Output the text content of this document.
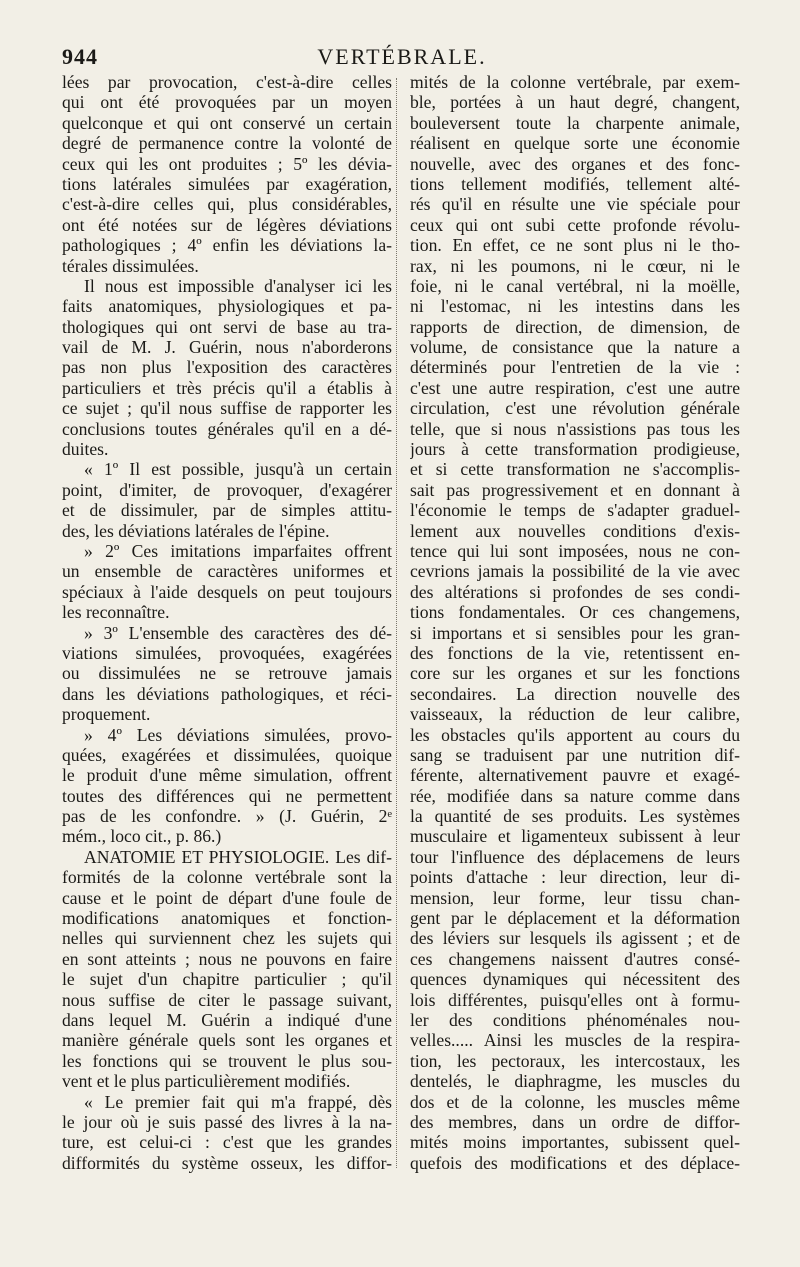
944	VERTÉBRALE.
lées par provocation, c'est-à-dire celles
qui ont été provoquées par un moyen
quelconque et qui ont conservé un certain
degré de permanence contre la volonté de
ceux qui les ont produites ; 5º les dévia-
tions latérales simulées par exagération,
c'est-à-dire celles qui, plus considérables,
ont été notées sur de légères déviations
pathologiques ; 4º enfin les déviations la-
térales dissimulées.
Il nous est impossible d'analyser ici les
faits anatomiques, physiologiques et pa-
thologiques qui ont servi de base au tra-
vail de M. J. Guérin, nous n'aborderons
pas non plus l'exposition des caractères
particuliers et très précis qu'il a établis à
ce sujet ; qu'il nous suffise de rapporter les
conclusions toutes générales qu'il en a dé-
duites.
« 1º Il est possible, jusqu'à un certain
point, d'imiter, de provoquer, d'exagérer
et de dissimuler, par de simples attitu-
des, les déviations latérales de l'épine.
» 2º Ces imitations imparfaites offrent
un ensemble de caractères uniformes et
spéciaux à l'aide desquels on peut toujours
les reconnaître.
» 3º L'ensemble des caractères des dé-
viations simulées, provoquées, exagérées
ou dissimulées ne se retrouve jamais
dans les déviations pathologiques, et réci-
proquement.
» 4º Les déviations simulées, provo-
quées, exagérées et dissimulées, quoique
le produit d'une même simulation, offrent
toutes des différences qui ne permettent
pas de les confondre. » (J. Guérin, 2ᵉ
mém., loco cit., p. 86.)
ANATOMIE ET PHYSIOLOGIE. Les dif-
formités de la colonne vertébrale sont la
cause et le point de départ d'une foule de
modifications anatomiques et fonction-
nelles qui surviennent chez les sujets qui
en sont atteints ; nous ne pouvons en faire
le sujet d'un chapitre particulier ; qu'il
nous suffise de citer le passage suivant,
dans lequel M. Guérin a indiqué d'une
manière générale quels sont les organes et
les fonctions qui se trouvent le plus sou-
vent et le plus particulièrement modifiés.
« Le premier fait qui m'a frappé, dès
le jour où je suis passé des livres à la na-
ture, est celui-ci : c'est que les grandes
difformités du système osseux, les diffor-
mités de la colonne vertébrale, par exem-
ble, portées à un haut degré, changent,
bouleversent toute la charpente animale,
réalisent en quelque sorte une économie
nouvelle, avec des organes et des fonc-
tions tellement modifiés, tellement alté-
rés qu'il en résulte une vie spéciale pour
ceux qui ont subi cette profonde révolu-
tion. En effet, ce ne sont plus ni le tho-
rax, ni les poumons, ni le cœur, ni le
foie, ni le canal vertébral, ni la moëlle,
ni l'estomac, ni les intestins dans les
rapports de direction, de dimension, de
volume, de consistance que la nature a
déterminés pour l'entretien de la vie :
c'est une autre respiration, c'est une autre
circulation, c'est une révolution générale
telle, que si nous n'assistions pas tous les
jours à cette transformation prodigieuse,
et si cette transformation ne s'accomplis-
sait pas progressivement et en donnant à
l'économie le temps de s'adapter graduel-
lement aux nouvelles conditions d'exis-
tence qui lui sont imposées, nous ne con-
cevrions jamais la possibilité de la vie avec
des altérations si profondes de ses condi-
tions fondamentales. Or ces changemens,
si importans et si sensibles pour les gran-
des fonctions de la vie, retentissent en-
core sur les organes et sur les fonctions
secondaires. La direction nouvelle des
vaisseaux, la réduction de leur calibre,
les obstacles qu'ils apportent au cours du
sang se traduisent par une nutrition dif-
férente, alternativement pauvre et exagé-
rée, modifiée dans sa nature comme dans
la quantité de ses produits. Les systèmes
musculaire et ligamenteux subissent à leur
tour l'influence des déplacemens de leurs
points d'attache : leur direction, leur di-
mension, leur forme, leur tissu chan-
gent par le déplacement et la déformation
des léviers sur lesquels ils agissent ; et de
ces changemens naissent d'autres consé-
quences dynamiques qui nécessitent des
lois différentes, puisqu'elles ont à formu-
ler des conditions phénoménales nou-
velles..... Ainsi les muscles de la respira-
tion, les pectoraux, les intercostaux, les
dentelés, le diaphragme, les muscles du
dos et de la colonne, les muscles même
des membres, dans un ordre de diffor-
mités moins importantes, subissent quel-
quefois des modifications et des déplace-
